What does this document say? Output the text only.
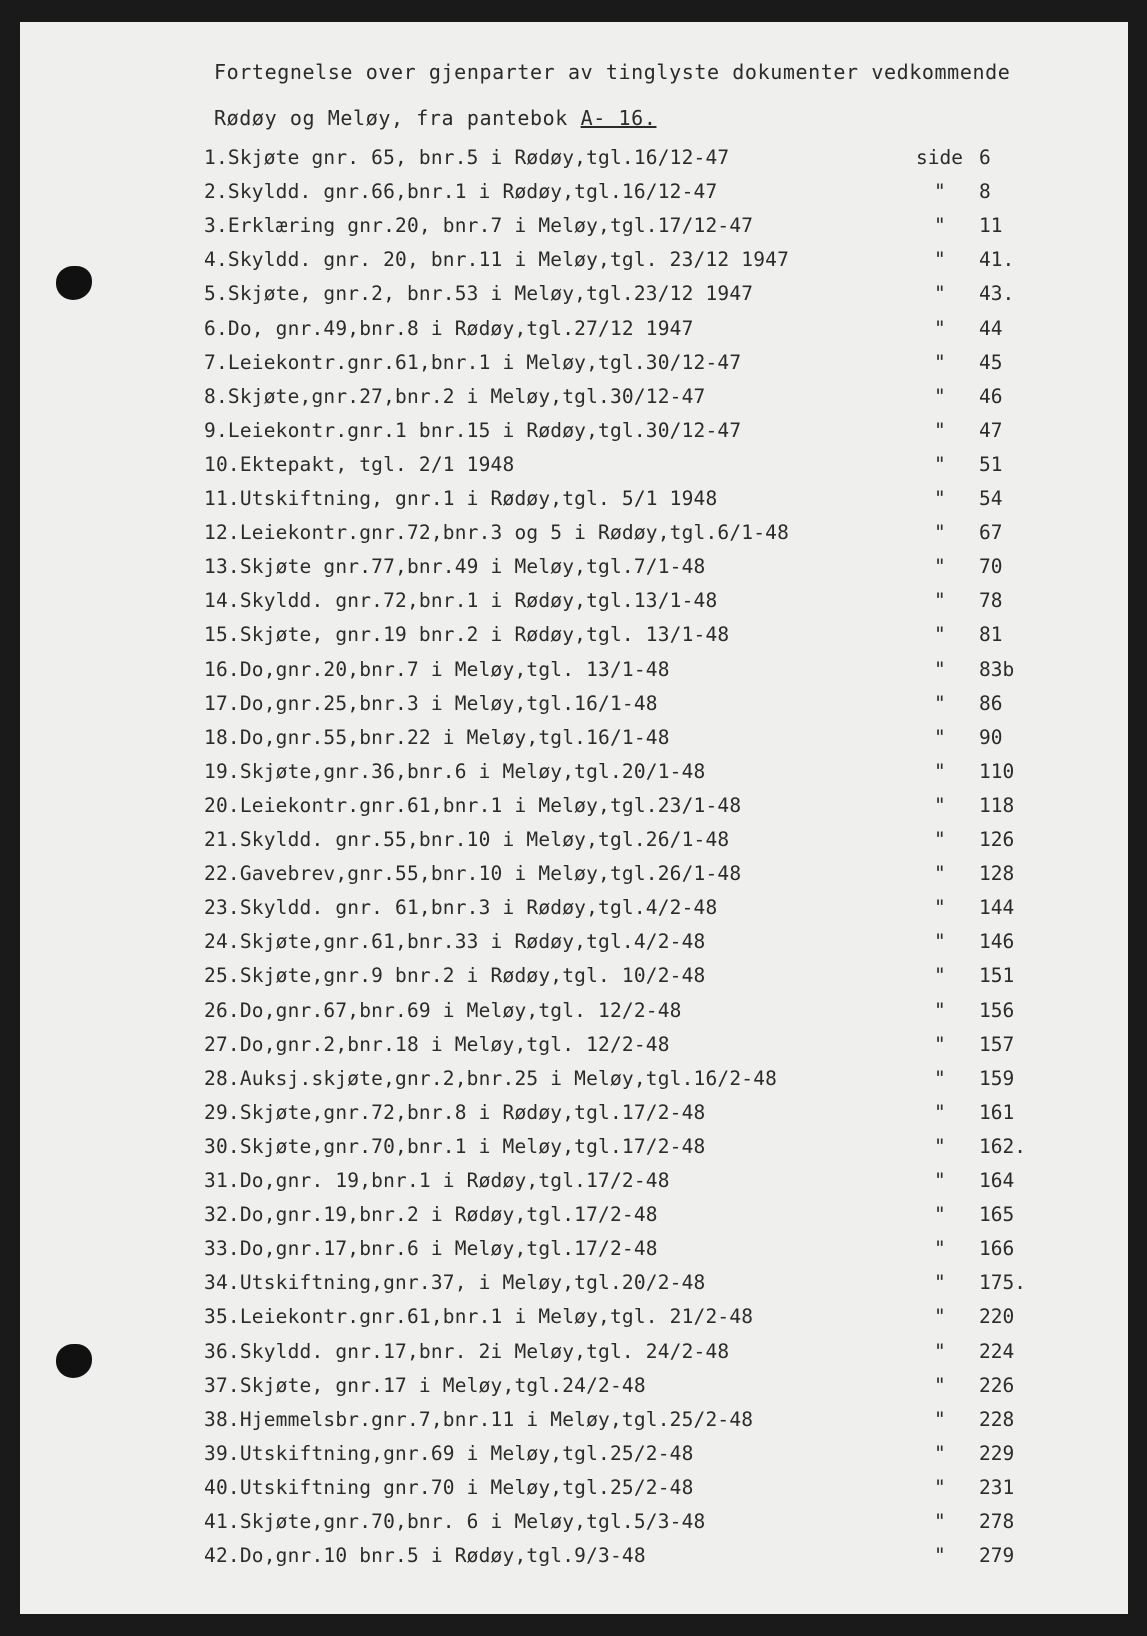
Fortegnelse over gjenparter av tinglyste dokumenter vedkommende
Rødøy og Meløy, fra pantebok A- 16.
1.Skjøte gnr. 65, bnr.5 i Rødøy,tgl.16/12-47	side 6
2.Skyldd. gnr.66,bnr.1 i Rødøy,tgl.16/12-47	" 8
3.Erklæring gnr.20, bnr.7 i Meløy,tgl.17/12-47	" 11
4.Skyldd. gnr. 20, bnr.11 i Meløy,tgl. 23/12 1947	" 41.
5.Skjøte, gnr.2, bnr.53 i Meløy,tgl.23/12 1947	" 43.
6.Do, gnr.49,bnr.8 i Rødøy,tgl.27/12 1947	" 44
7.Leiekontr.gnr.61,bnr.1 i Meløy,tgl.30/12-47	" 45
8.Skjøte,gnr.27,bnr.2 i Meløy,tgl.30/12-47	" 46
9.Leiekontr.gnr.1 bnr.15 i Rødøy,tgl.30/12-47	" 47
10.Ektepakt, tgl. 2/1 1948	" 51
11.Utskiftning, gnr.1 i Rødøy,tgl. 5/1 1948	" 54
12.Leiekontr.gnr.72,bnr.3 og 5 i Rødøy,tgl.6/1-48	" 67
13.Skjøte gnr.77,bnr.49 i Meløy,tgl.7/1-48	" 70
14.Skyldd. gnr.72,bnr.1 i Rødøy,tgl.13/1-48	" 78
15.Skjøte, gnr.19 bnr.2 i Rødøy,tgl. 13/1-48	" 81
16.Do,gnr.20,bnr.7 i Meløy,tgl. 13/1-48	" 83b
17.Do,gnr.25,bnr.3 i Meløy,tgl.16/1-48	" 86
18.Do,gnr.55,bnr.22 i Meløy,tgl.16/1-48	" 90
19.Skjøte,gnr.36,bnr.6 i Meløy,tgl.20/1-48	" 110
20.Leiekontr.gnr.61,bnr.1 i Meløy,tgl.23/1-48	" 118
21.Skyldd. gnr.55,bnr.10 i Meløy,tgl.26/1-48	" 126
22.Gavebrev,gnr.55,bnr.10 i Meløy,tgl.26/1-48	" 128
23.Skyldd. gnr. 61,bnr.3 i Rødøy,tgl.4/2-48	" 144
24.Skjøte,gnr.61,bnr.33 i Rødøy,tgl.4/2-48	" 146
25.Skjøte,gnr.9 bnr.2 i Rødøy,tgl. 10/2-48	" 151
26.Do,gnr.67,bnr.69 i Meløy,tgl. 12/2-48	" 156
27.Do,gnr.2,bnr.18 i Meløy,tgl. 12/2-48	" 157
28.Auksj.skjøte,gnr.2,bnr.25 i Meløy,tgl.16/2-48	" 159
29.Skjøte,gnr.72,bnr.8 i Rødøy,tgl.17/2-48	" 161
30.Skjøte,gnr.70,bnr.1 i Meløy,tgl.17/2-48	" 162.
31.Do,gnr. 19,bnr.1 i Rødøy,tgl.17/2-48	" 164
32.Do,gnr.19,bnr.2 i Rødøy,tgl.17/2-48	" 165
33.Do,gnr.17,bnr.6 i Meløy,tgl.17/2-48	" 166
34.Utskiftning,gnr.37, i Meløy,tgl.20/2-48	" 175.
35.Leiekontr.gnr.61,bnr.1 i Meløy,tgl. 21/2-48	" 220
36.Skyldd. gnr.17,bnr. 2i Meløy,tgl. 24/2-48	" 224
37.Skjøte, gnr.17 i Meløy,tgl.24/2-48	" 226
38.Hjemmelsbr.gnr.7,bnr.11 i Meløy,tgl.25/2-48	" 228
39.Utskiftning,gnr.69 i Meløy,tgl.25/2-48	" 229
40.Utskiftning gnr.70 i Meløy,tgl.25/2-48	" 231
41.Skjøte,gnr.70,bnr. 6 i Meløy,tgl.5/3-48	" 278
42.Do,gnr.10 bnr.5 i Rødøy,tgl.9/3-48	" 279
